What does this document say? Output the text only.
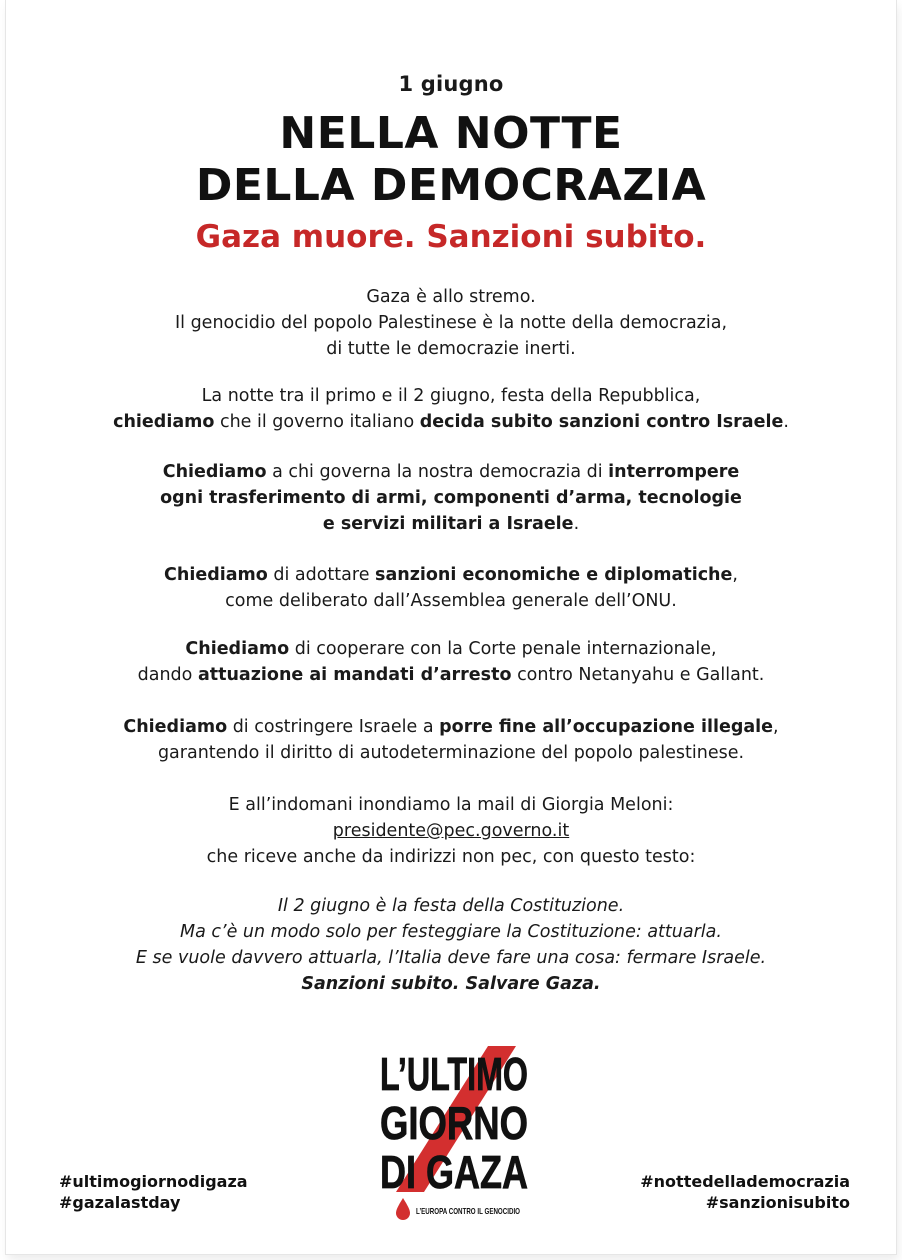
1 giugno
NELLA NOTTE
DELLA DEMOCRAZIA
Gaza muore. Sanzioni subito.
Gaza è allo stremo.
Il genocidio del popolo Palestinese è la notte della democrazia,
di tutte le democrazie inerti.
La notte tra il primo e il 2 giugno, festa della Repubblica,
chiediamo che il governo italiano decida subito sanzioni contro Israele.
Chiediamo a chi governa la nostra democrazia di interrompere
ogni trasferimento di armi, componenti d’arma, tecnologie
e servizi militari a Israele.
Chiediamo di adottare sanzioni economiche e diplomatiche,
come deliberato dall’Assemblea generale dell’ONU.
Chiediamo di cooperare con la Corte penale internazionale,
dando attuazione ai mandati d’arresto contro Netanyahu e Gallant.
Chiediamo di costringere Israele a porre fine all’occupazione illegale,
garantendo il diritto di autodeterminazione del popolo palestinese.
E all’indomani inondiamo la mail di Giorgia Meloni:
presidente@pec.governo.it
che riceve anche da indirizzi non pec, con questo testo:
Il 2 giugno è la festa della Costituzione.
Ma c’è un modo solo per festeggiare la Costituzione: attuarla.
E se vuole davvero attuarla, l’Italia deve fare una cosa: fermare Israele.
Sanzioni subito. Salvare Gaza.
#ultimogiornodigaza
#gazalastday
#nottedellademocrazia
#sanzionisubito
L’ULTIMO
GIORNO
DI GAZA
L’EUROPA CONTRO IL GENOCIDIO
